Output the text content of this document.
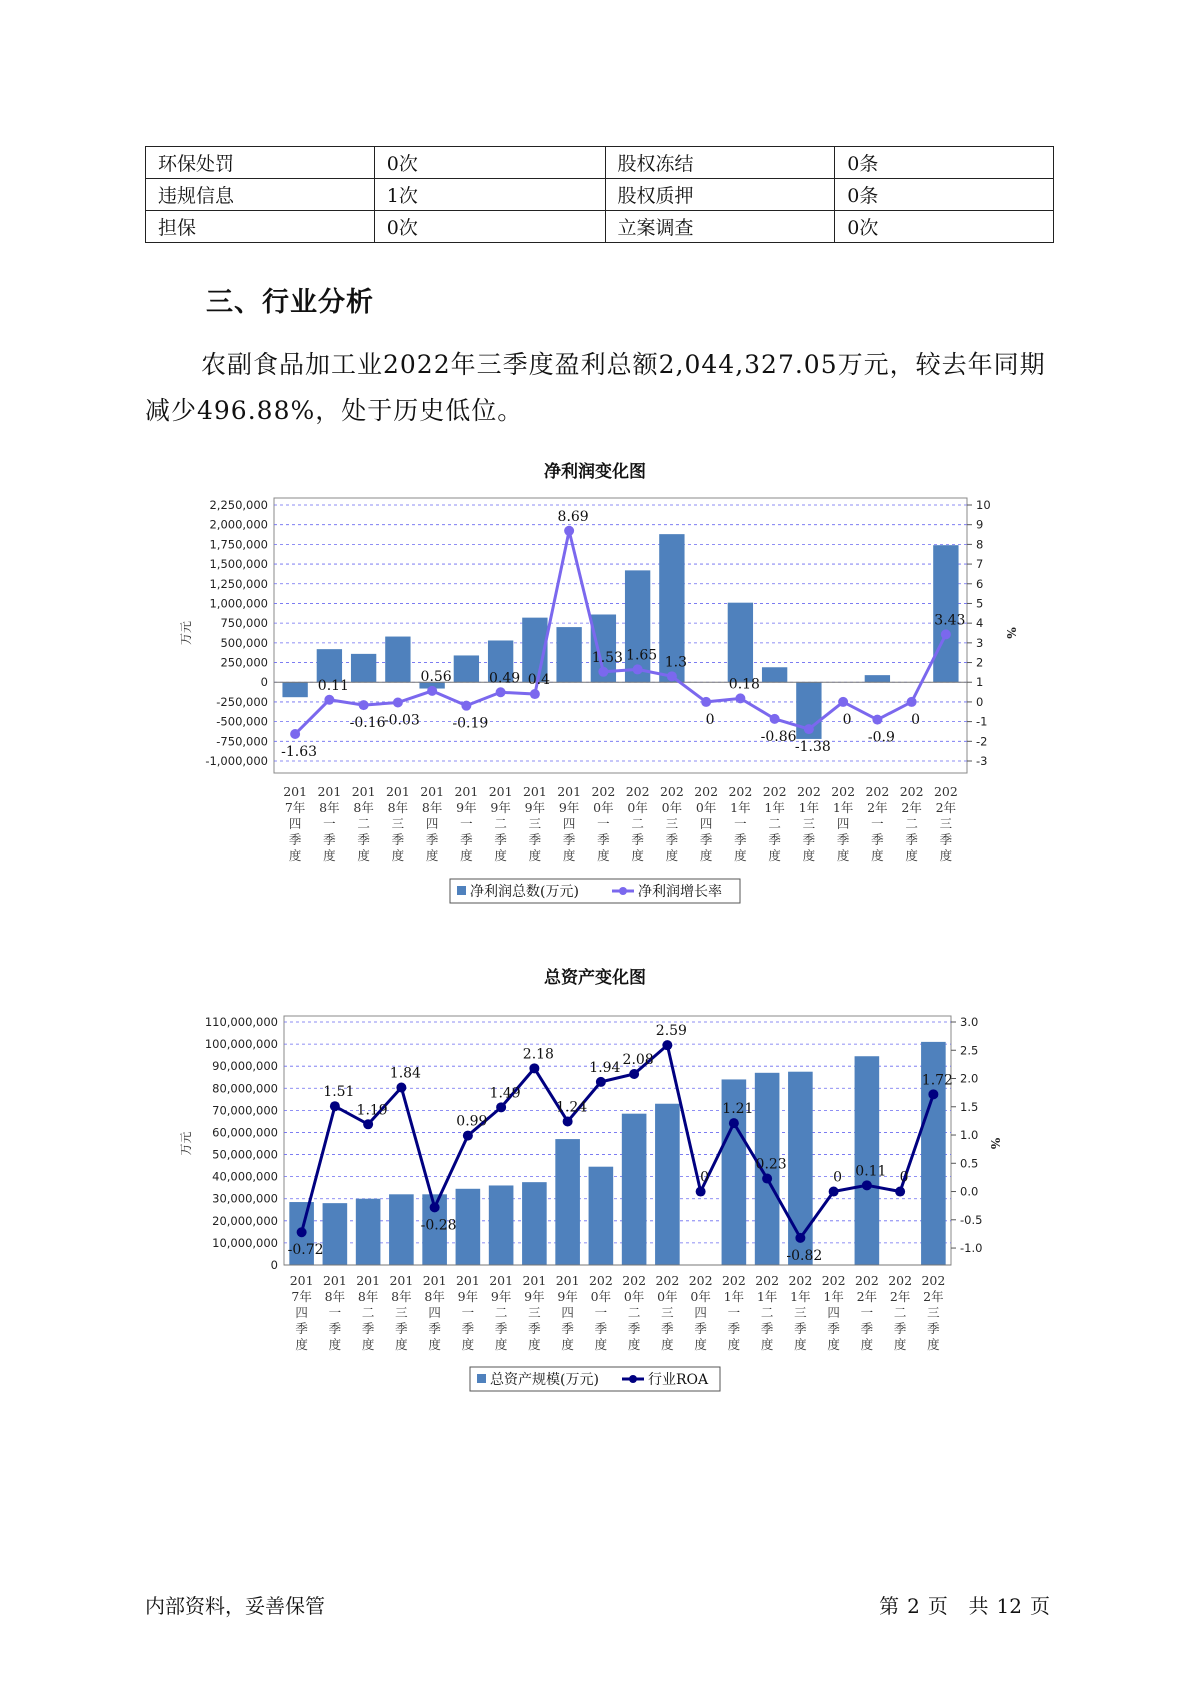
环保处罚	0次	股权冻结	0条
违规信息	1次	股权质押	0条
担保	0次	立案调查	0次
三、行业分析

农副食品加工业2022年三季度盈利总额2,044,327.05万元，较去年同期减少496.88%，处于历史低位。

净利润变化图
-1,000,000
-750,000
-500,000
-250,000
0
250,000
500,000
750,000
1,000,000
1,250,000
1,500,000
1,750,000
2,000,000
2,250,000
-3
-2
-1
0
1
2
3
4
5
6
7
8
9
10
万元	%
-1.63
0.11
-0.16
-0.03
0.56
-0.19
0.49 0.4
8.69
1.53 1.65 1.3
0
0.18
-0.86
-1.38
0
-0.9
0
3.43
201
7年
四
季
度
201
8年
一
季
度
201
8年
二
季
度
201
8年
三
季
度
201
8年
四
季
度
201
9年
一
季
度
201
9年
二
季
度
201
9年
三
季
度
201
9年
四
季
度
202
0年
一
季
度
202
0年
二
季
度
202
0年
三
季
度
202
0年
四
季
度
202
1年
一
季
度
202
1年
二
季
度
202
1年
三
季
度
202
1年
四
季
度
202
2年
一
季
度
202
2年
二
季
度
202
2年
三
季
度
净利润总数(万元)	净利润增长率
总资产变化图
0
10,000,000
20,000,000
30,000,000
40,000,000
50,000,000
60,000,000
70,000,000
80,000,000
90,000,000
100,000,000
110,000,000
-1.0
-0.5
0.0
0.5
1.0
1.5
2.0
2.5
3.0
万元	%
-0.72
1.51
1.19
1.84
-0.28
0.99
1.49
2.18
1.24
1.94 2.08
2.59
0
1.21
0.23
-0.82
0 0.11 0
1.72
201
7年
四
季
度
201
8年
一
季
度
201
8年
二
季
度
201
8年
三
季
度
201
8年
四
季
度
201
9年
一
季
度
201
9年
二
季
度
201
9年
三
季
度
201
9年
四
季
度
202
0年
一
季
度
202
0年
二
季
度
202
0年
三
季
度
202
0年
四
季
度
202
1年
一
季
度
202
1年
二
季
度
202
1年
三
季
度
202
1年
四
季
度
202
2年
一
季
度
202
2年
二
季
度
202
2年
三
季
度
总资产规模(万元)	行业ROA
内部资料，妥善保管	第 2 页 共 12 页
